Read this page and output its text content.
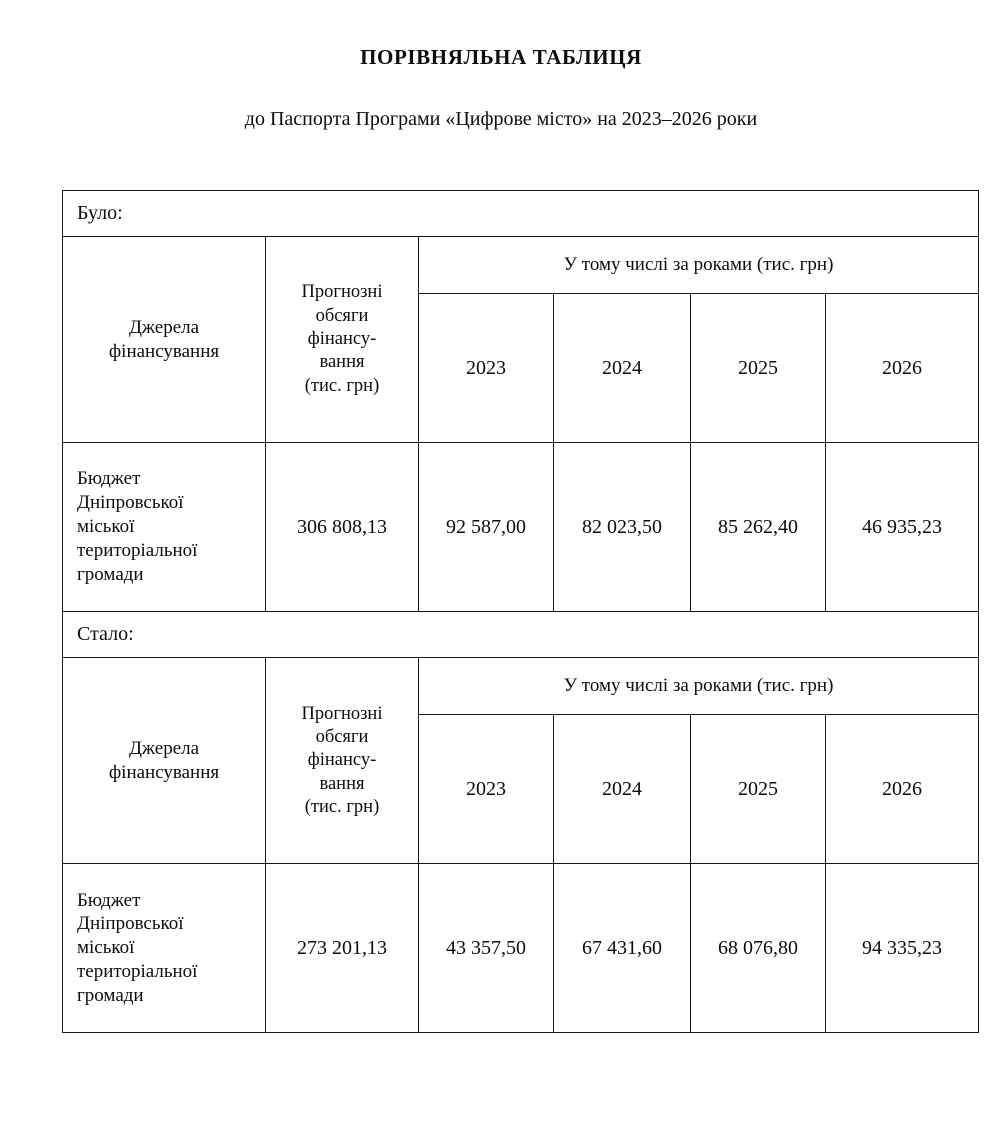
ПОРІВНЯЛЬНА ТАБЛИЦЯ
до Паспорта Програми «Цифрове місто» на 2023–2026 роки
Було:					

Джерела
фінансування	Прогнозні
обсяги
фінансу-
вання
(тис. грн)	У тому числі за роками (тис. грн)			
		2023	2024	2025	2026

Бюджет
Дніпровської
міської
територіальної
громади	306 808,13	92 587,00	82 023,50	85 262,40	46 935,23
Стало:					

Джерела
фінансування	Прогнозні
обсяги
фінансу-
вання
(тис. грн)	У тому числі за роками (тис. грн)			
		2023	2024	2025	2026

Бюджет
Дніпровської
міської
територіальної
громади	273 201,13	43 357,50	67 431,60	68 076,80	94 335,23
